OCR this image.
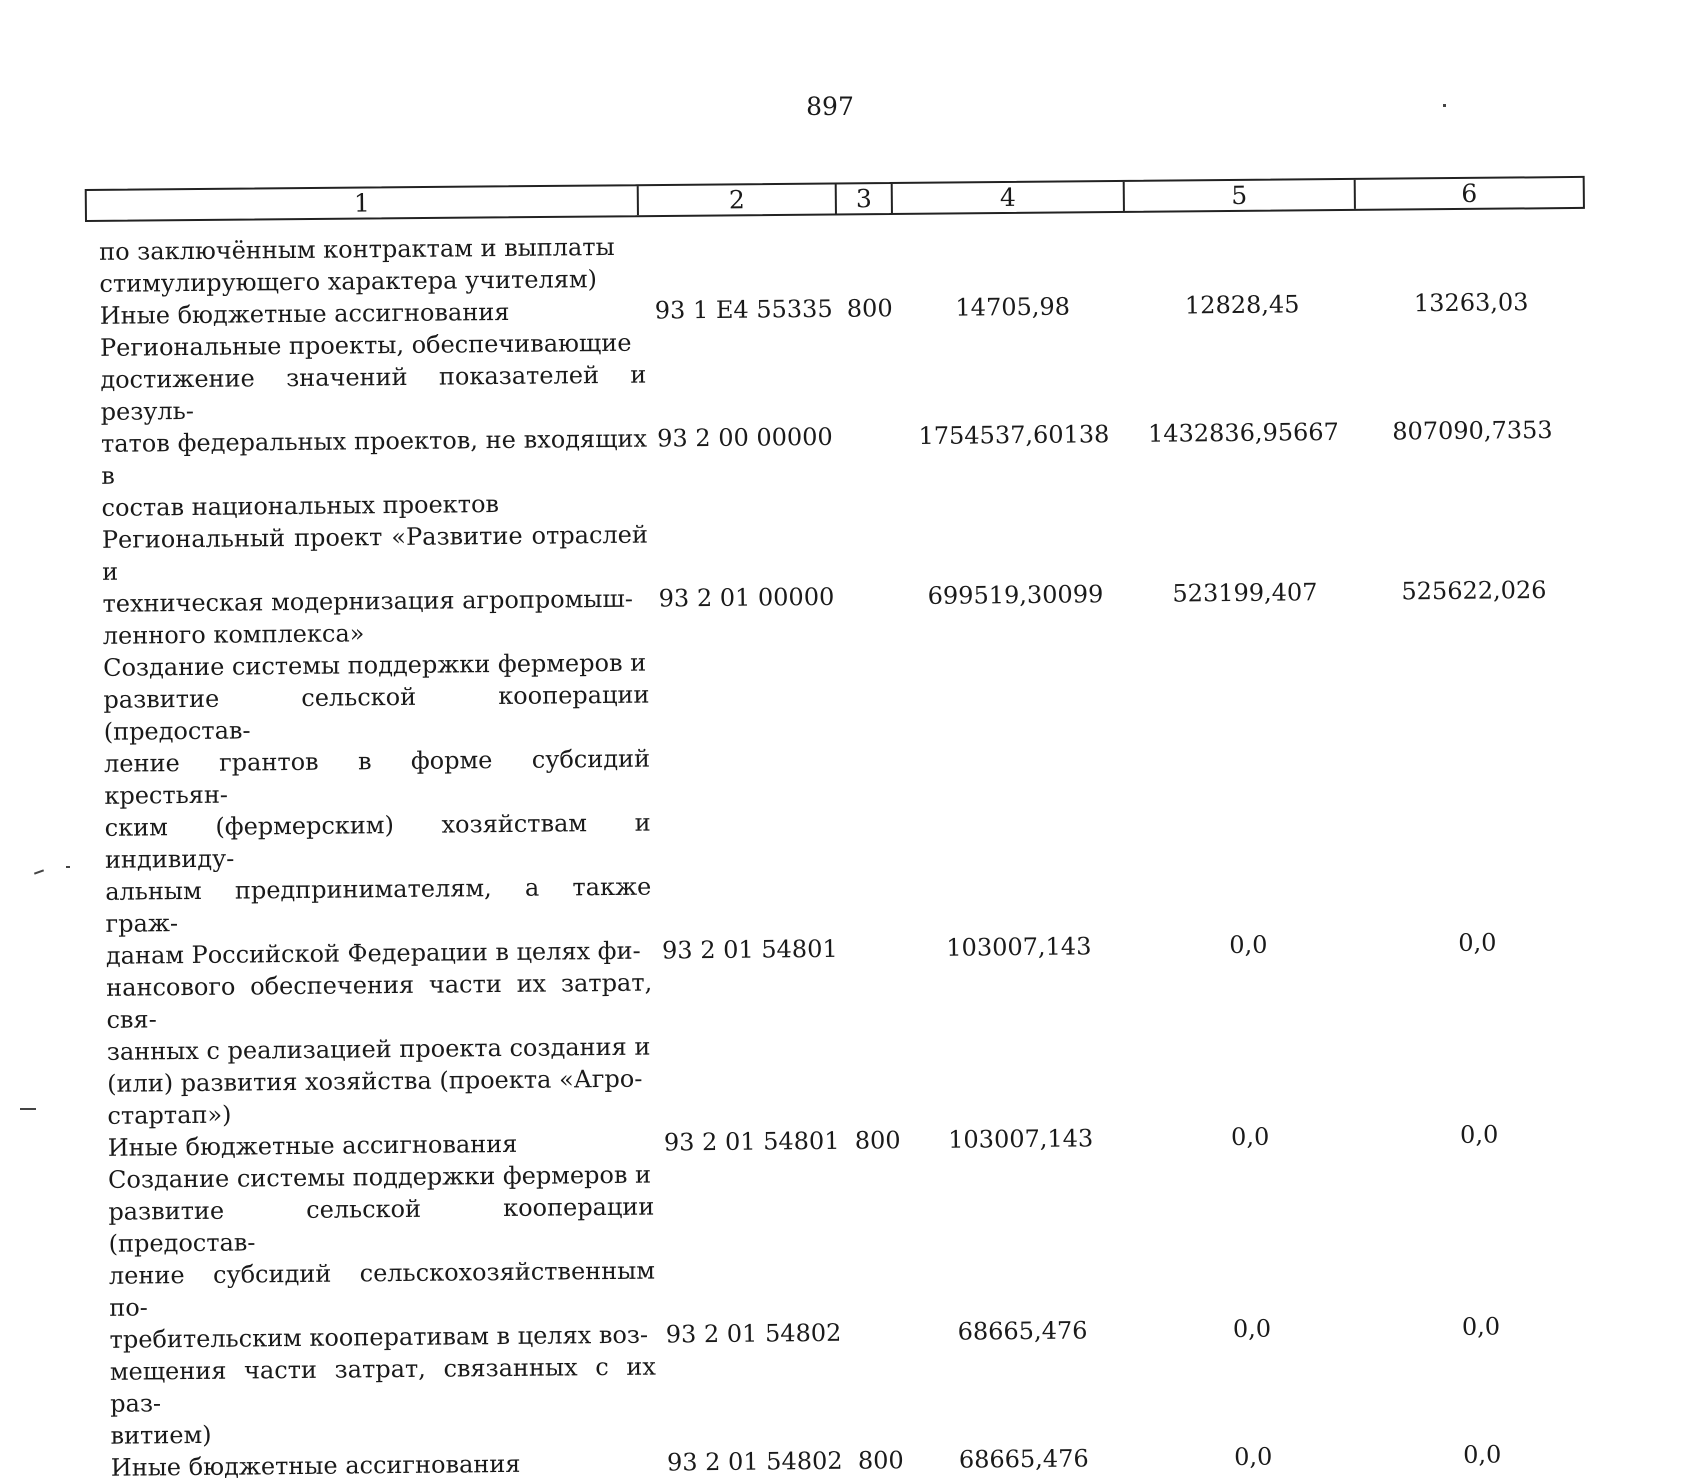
897
1	2	3	4	5	6
по заключённым контрактам и выплаты
стимулирующего характера учителям)
Иные бюджетные ассигнования	93 1 Е4 55335 800	14705,98	12828,45	13263,03
Региональные проекты, обеспечивающие
достижение значений показателей и резуль-
татов федеральных проектов, не входящих в
состав национальных проектов
93 2 00 00000	1754537,60138	1432836,95667	807090,7353
Региональный проект «Развитие отраслей и
техническая модернизация агропромыш-
ленного комплекса»
93 2 01 00000	699519,30099	523199,407	525622,026
Создание системы поддержки фермеров и
развитие сельской кооперации (предостав-
ление грантов в форме субсидий крестьян-
ским (фермерским) хозяйствам и индивиду-
альным предпринимателям, а также граж-
данам Российской Федерации в целях фи-
нансового обеспечения части их затрат, свя-
занных с реализацией проекта создания и
(или) развития хозяйства (проекта «Агро-
стартап»)
93 2 01 54801	103007,143	0,0	0,0
Иные бюджетные ассигнования	93 2 01 54801 800	103007,143	0,0	0,0
Создание системы поддержки фермеров и
развитие сельской кооперации (предостав-
ление субсидий сельскохозяйственным по-
требительским кооперативам в целях воз-
мещения части затрат, связанных с их раз-
витием)
93 2 01 54802	68665,476	0,0	0,0
Иные бюджетные ассигнования	93 2 01 54802 800	68665,476	0,0	0,0
